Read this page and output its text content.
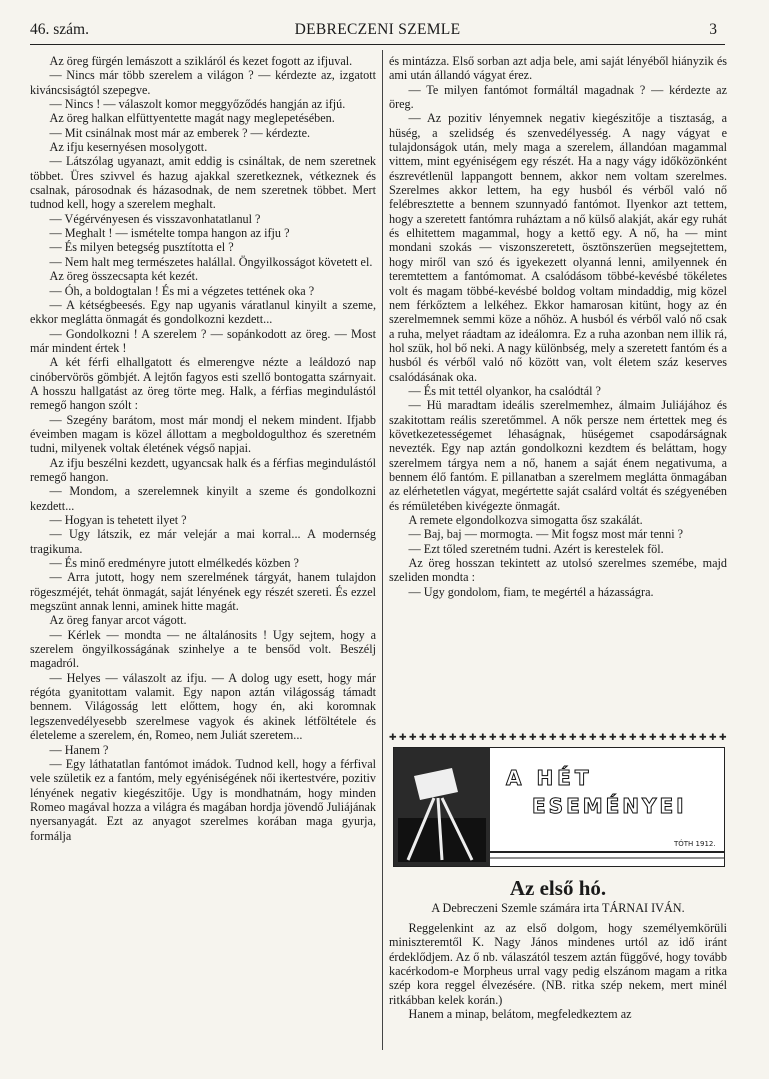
46. szám.	DEBRECZENI SZEMLE	3

Az öreg fürgén lemászott a szikláról és kezet fogott az ifjuval.

— Nincs már több szerelem a világon ? — kérdezte az, izgatott kiváncsiságtól szepegve.

— Nincs ! — válaszolt komor meggyőződés hangján az ifjú.

Az öreg halkan elfüttyentette magát nagy meglepetésében.

— Mit csinálnak most már az emberek ? — kérdezte.

Az ifju kesernyésen mosolygott.

— Látszólag ugyanazt, amit eddig is csináltak, de nem szeretnek többet. Üres szivvel és hazug ajakkal szeretkeznek, vétkeznek és csalnak, párosodnak és házasodnak, de nem szeretnek többet. Mert tudnod kell, hogy a szerelem meghalt.

— Végérvényesen és visszavonhatatlanul ?

— Meghalt ! — ismételte tompa hangon az ifju ?

— És milyen betegség pusztította el ?

— Nem halt meg természetes halállal. Öngyilkosságot követett el.

Az öreg összecsapta két kezét.

— Óh, a boldogtalan ! És mi a végzetes tettének oka ?

— A kétségbeesés. Egy nap ugyanis váratlanul kinyilt a szeme, ekkor meglátta önmagát és gondolkozni kezdett...

— Gondolkozni ! A szerelem ? — sopánkodott az öreg. — Most már mindent értek !

A két férfi elhallgatott és elmerengve nézte a leáldozó nap cinóbervörös gömbjét. A lejtőn fagyos esti szellő bontogatta szárnyait. A hosszu hallgatást az öreg törte meg. Halk, a férfias megindulástól remegő hangon szólt :

— Szegény barátom, most már mondj el nekem mindent. Ifjabb éveimben magam is közel állottam a megboldogulthoz és szeretném tudni, milyenek voltak életének végső napjai.

Az ifju beszélni kezdett, ugyancsak halk és a férfias megindulástól remegő hangon.

— Mondom, a szerelemnek kinyilt a szeme és gondolkozni kezdett...

— Hogyan is tehetett ilyet ?

— Ugy látszik, ez már velejár a mai korral... A modernség tragikuma.

— És minő eredményre jutott elmélkedés közben ?

— Arra jutott, hogy nem szerelmének tárgyát, hanem tulajdon rögeszméjét, tehát önmagát, saját lényének egy részét szereti. És ezzel megszünt annak lenni, aminek hitte magát.

Az öreg fanyar arcot vágott.

— Kérlek — mondta — ne általánosits ! Ugy sejtem, hogy a szerelem öngyilkosságának szinhelye a te bensőd volt. Beszélj magadról.

— Helyes — válaszolt az ifju. — A dolog ugy esett, hogy már régóta gyanitottam valamit. Egy napon aztán világosság támadt bennem. Világosság lett előttem, hogy én, aki koromnak legszenvedélyesebb szerelmese vagyok és akinek létföltétele és életeleme a szerelem, én, Romeo, nem Juliát szeretem...

— Hanem ?

— Egy láthatatlan fantómot imádok. Tudnod kell, hogy a férfival vele születik ez a fantóm, mely egyéniségének női ikertestvére, pozitiv lényének negativ kiegészitője. Ugy is mondhatnám, hogy minden Romeo magával hozza a világra és magában hordja jövendő Juliájának nyersanyagát. Ezt az anyagot szerelmes korában maga gyurja, formálja

és mintázza. Első sorban azt adja bele, ami saját lényéből hiányzik és ami után állandó vágyat érez.

— Te milyen fantómot formáltál magadnak ? — kérdezte az öreg.

— Az pozitiv lényemnek negativ kiegészitője a tisztaság, a hüség, a szelidség és szenvedélyesség. A nagy vágyat e tulajdonságok után, mely maga a szerelem, állandóan magammal vittem, mint egyéniségem egy részét. Ha a nagy vágy időközönként észrevétlenül lappangott bennem, akkor nem voltam szerelmes. Szerelmes akkor lettem, ha egy husból és vérből való nő felébresztette a bennem szunnyadó fantómot. Ilyenkor azt tettem, hogy a szeretett fantómra ruháztam a nő külső alakját, akár egy ruhát és elhitettem magammal, hogy a kettő egy. A nő, ha — mint mondani szokás — viszonszeretett, ösztönszerüen megsejtettem, hogy miről van szó és igyekezett olyanná lenni, amilyennek én teremtettem a fantómomat. A csalódásom többé-kevésbé tökéletes volt és magam többé-kevésbé boldog voltam mindaddig, mig közel nem férkőztem a lelkéhez. Ekkor hamarosan kitünt, hogy az én szerelmemnek semmi köze a nőhöz. A husból és vérből való nő csak a ruha, melyet ráadtam az ideálomra. Ez a ruha azonban nem illik rá, hol szük, hol bő neki. A nagy különbség, mely a szeretett fantóm és a husból és vérből való nő között van, volt életem száz keserves csalódásának oka.

— És mit tettél olyankor, ha csalódtál ?

— Hü maradtam ideális szerelmemhez, álmaim Juliájához és szakitottam reális szeretőmmel. A nők persze nem értettek meg és következetességemet léhaságnak, hüségemet csapodárságnak nevezték. Egy nap aztán gondolkozni kezdtem és beláttam, hogy szerelmem tárgya nem a nő, hanem a saját énem negativuma, a bennem élő fantóm. E pillanatban a szerelmem meglátta önmagában az elérhetetlen vágyat, megértette saját csalárd voltát és szégyenében és rémületében kivégezte önmagát.

A remete elgondolkozva simogatta ősz szakálát.

— Baj, baj — mormogta. — Mit fogsz most már tenni ?

— Ezt tőled szeretném tudni. Azért is kerestelek föl.

Az öreg hosszan tekintett az utolsó szerelmes szemébe, majd szeliden mondta :

— Ugy gondolom, fiam, te megértél a házasságra.

✚ ✚ ✚ ✚ ✚ ✚ ✚ ✚ ✚ ✚ ✚ ✚ ✚ ✚ ✚ ✚ ✚ ✚ ✚ ✚ ✚ ✚ ✚ ✚ ✚ ✚ ✚ ✚ ✚ ✚ ✚ ✚ ✚ ✚
A HÉT
ESEMÉNYEI
TÓTH 1912.
Az első hó.
A Debreczeni Szemle számára irta TÁRNAI IVÁN.

Reggelenkint az az első dolgom, hogy személyemkörüli miniszteremtől K. Nagy János mindenes urtól az idő iránt érdeklődjem. Az ő nb. válaszától teszem aztán függővé, hogy tovább kacérkodom-e Morpheus urral vagy pedig elszánom magam a ritka szép kora reggel élvezésére. (NB. ritka szép nekem, mert minél ritkábban kelek korán.)

Hanem a minap, belátom, megfeledkeztem az
